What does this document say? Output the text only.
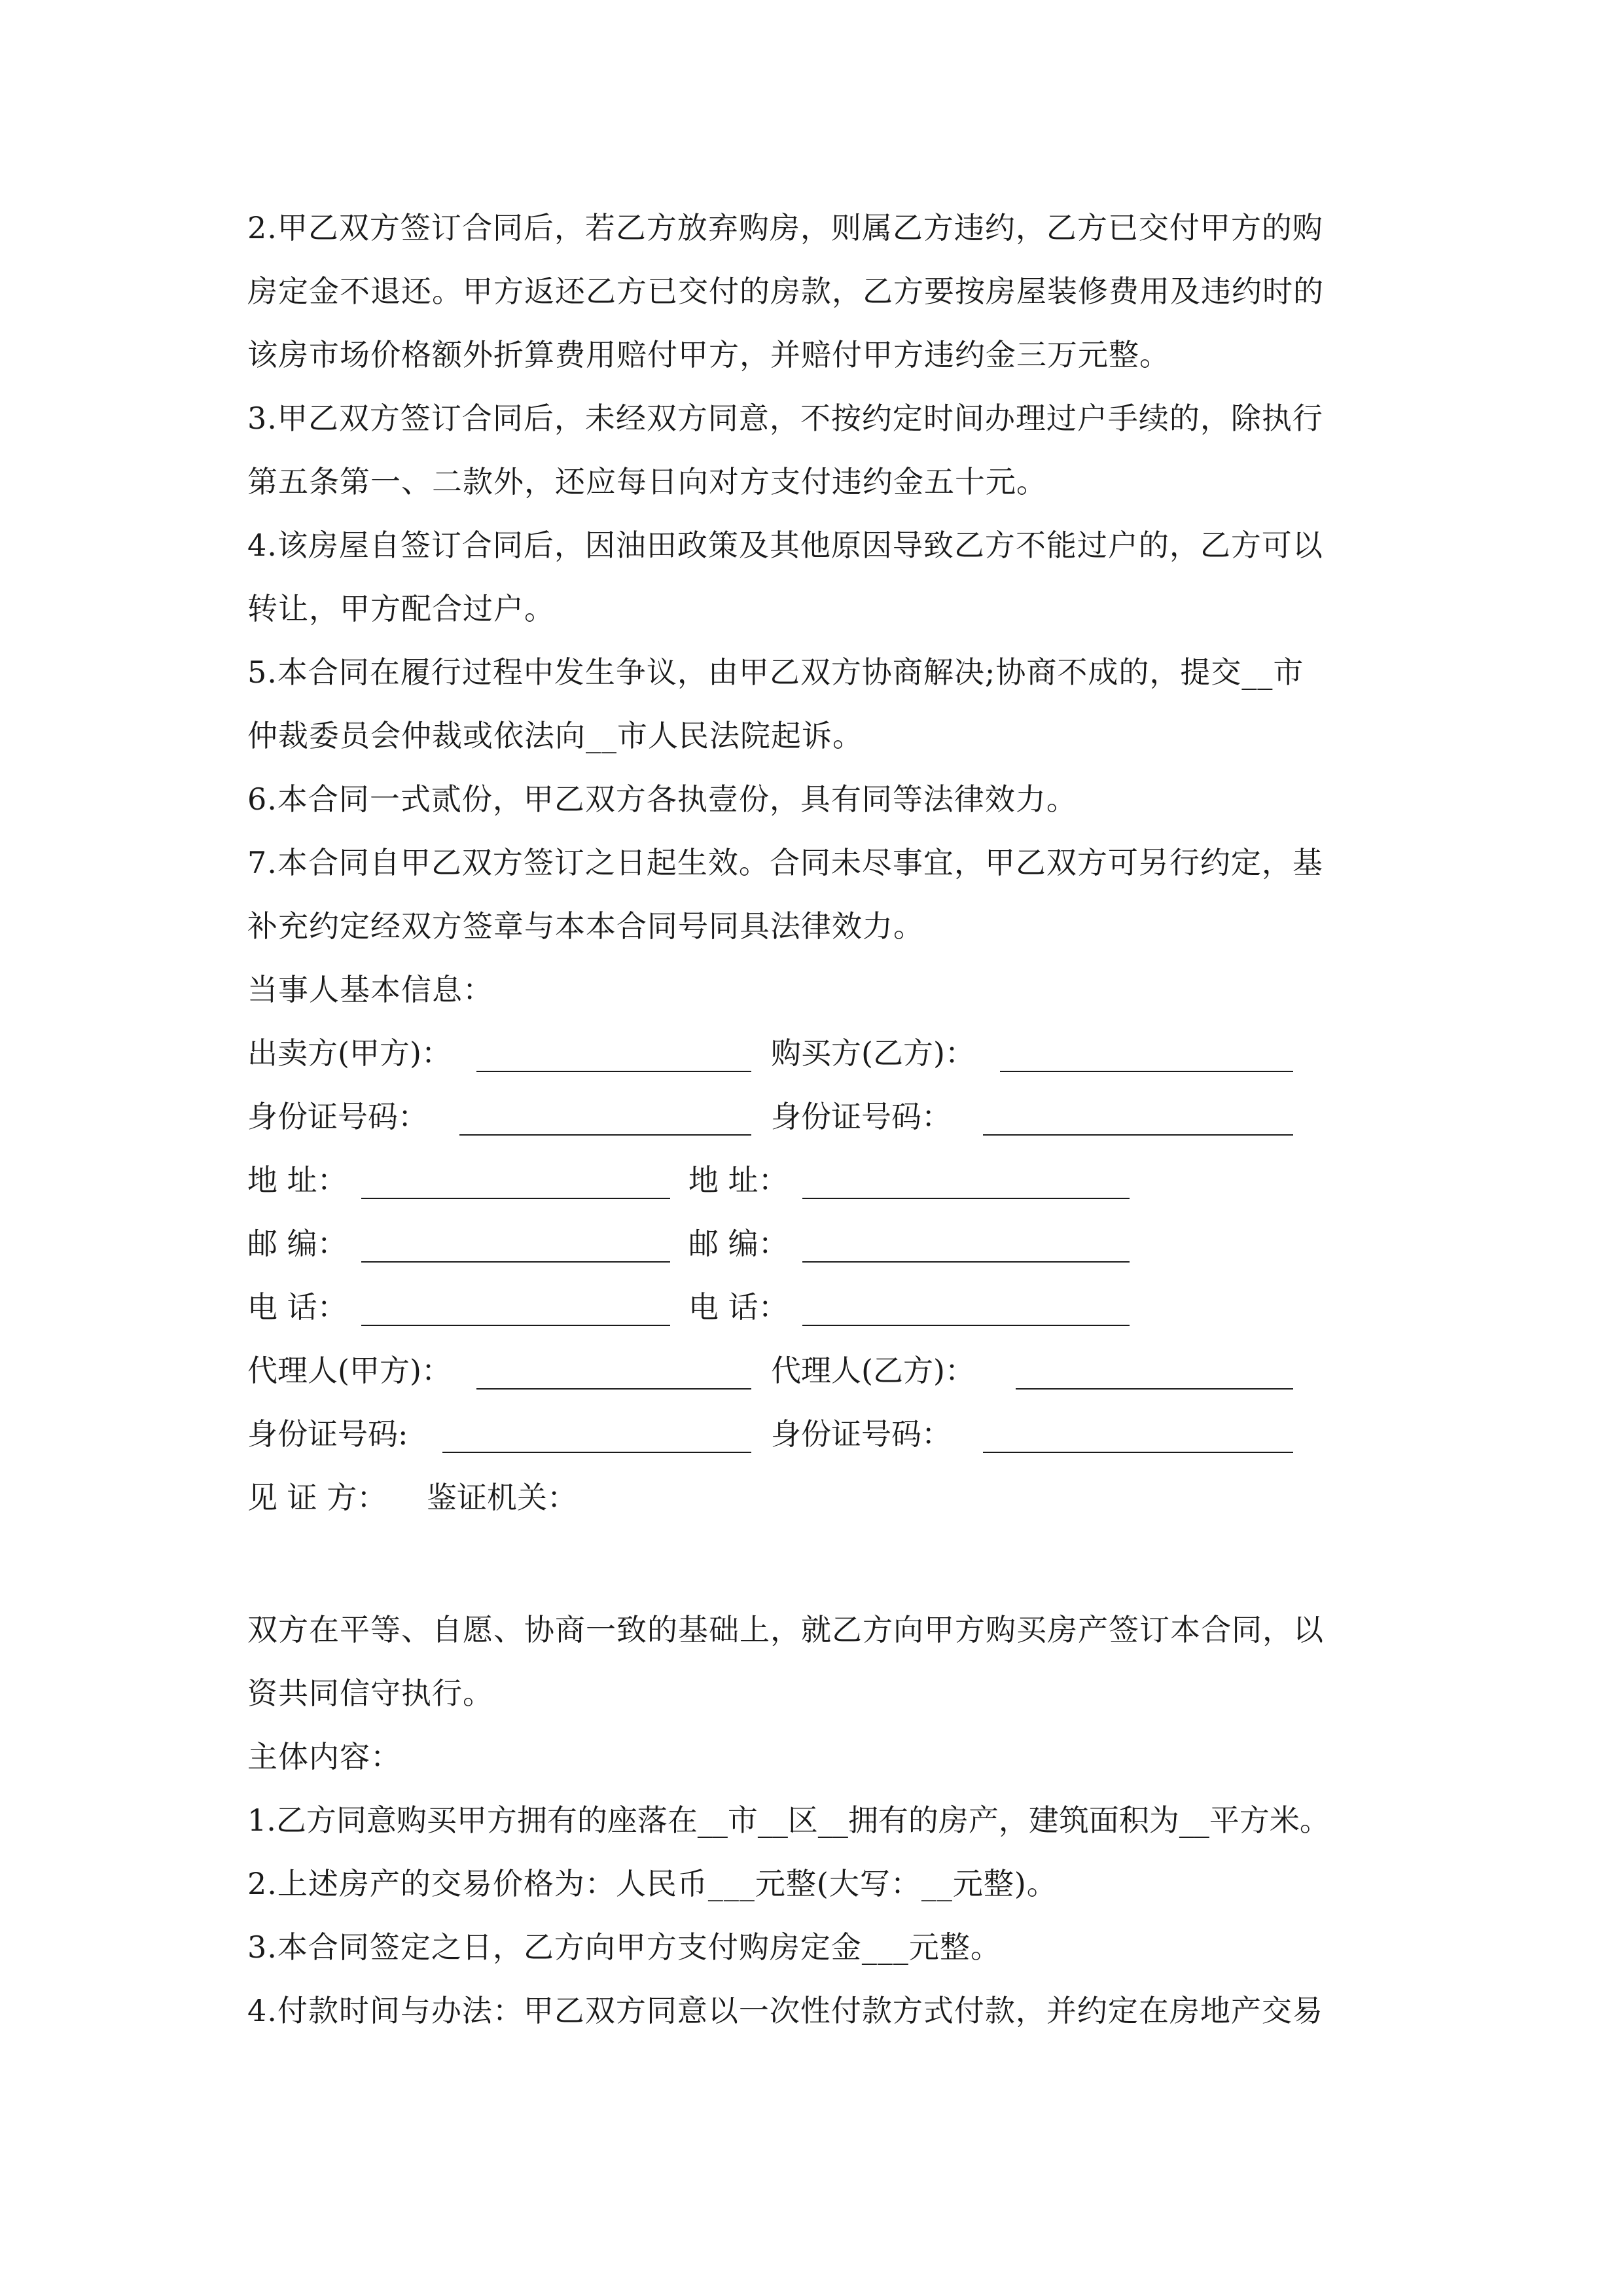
2.甲乙双方签订合同后，若乙方放弃购房，则属乙方违约，乙方已交付甲方的购
房定金不退还。甲方返还乙方已交付的房款，乙方要按房屋装修费用及违约时的
该房市场价格额外折算费用赔付甲方，并赔付甲方违约金三万元整。
3.甲乙双方签订合同后，未经双方同意，不按约定时间办理过户手续的，除执行
第五条第一、二款外，还应每日向对方支付违约金五十元。
4.该房屋自签订合同后，因油田政策及其他原因导致乙方不能过户的，乙方可以
转让，甲方配合过户。
5.本合同在履行过程中发生争议，由甲乙双方协商解决;协商不成的，提交__市
仲裁委员会仲裁或依法向__市人民法院起诉。
6.本合同一式贰份，甲乙双方各执壹份，具有同等法律效力。
7.本合同自甲乙双方签订之日起生效。合同未尽事宜，甲乙双方可另行约定，基
补充约定经双方签章与本本合同号同具法律效力。
当事人基本信息：
出卖方(甲方)：	购买方(乙方)：
身份证号码：	身份证号码：
地 址：	地 址：
邮 编：	邮 编：
电 话：	电 话：
代理人(甲方)：	代理人(乙方)：
身份证号码:	身份证号码：
见 证 方： 鉴证机关：
双方在平等、自愿、协商一致的基础上，就乙方向甲方购买房产签订本合同，以
资共同信守执行。
主体内容：
1.乙方同意购买甲方拥有的座落在__市__区__拥有的房产，建筑面积为__平方米。
2.上述房产的交易价格为：人民币___元整(大写：__元整)。
3.本合同签定之日，乙方向甲方支付购房定金___元整。
4.付款时间与办法：甲乙双方同意以一次性付款方式付款，并约定在房地产交易
